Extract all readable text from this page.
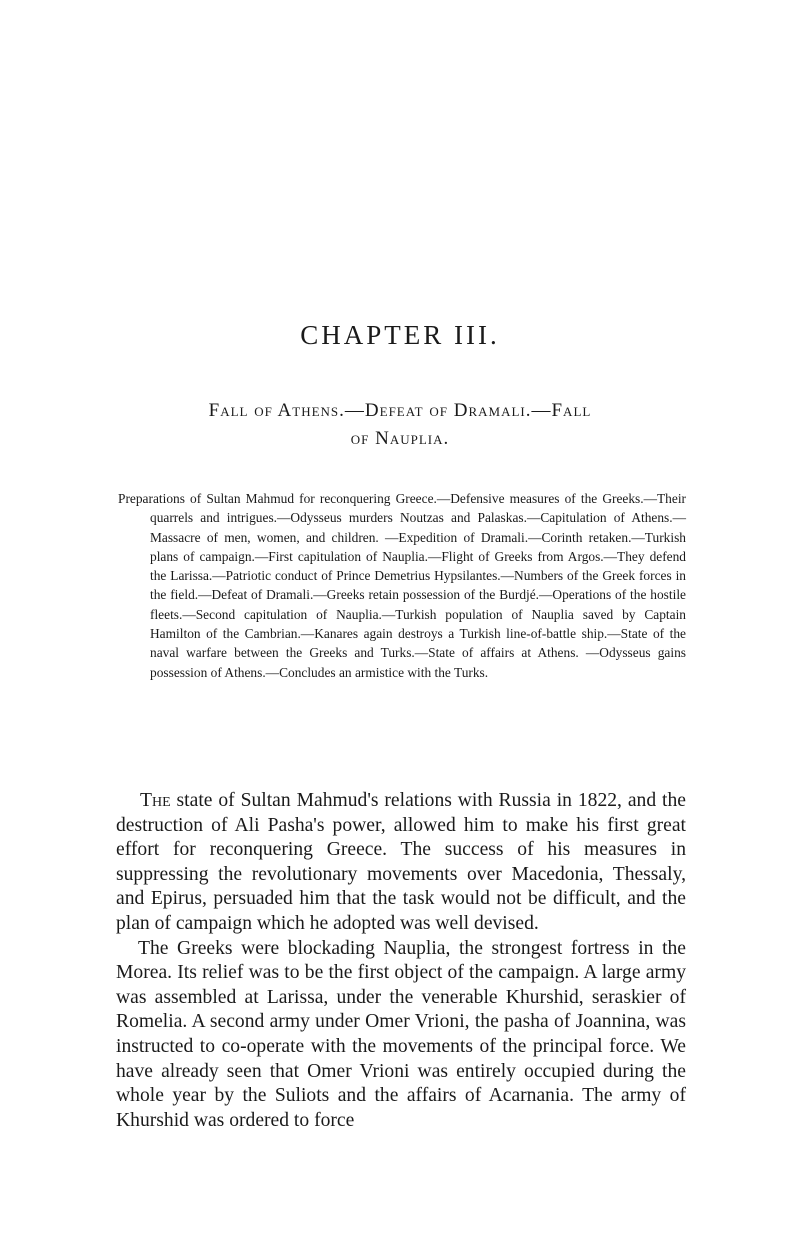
CHAPTER III.
Fall of Athens.—Defeat of Dramali.—Fall
of Nauplia.
Preparations of Sultan Mahmud for reconquering Greece.—Defensive measures of the Greeks.—Their quarrels and intrigues.—Odysseus murders Noutzas and Palaskas.—Capitulation of Athens.—Massacre of men, women, and children. —Expedition of Dramali.—Corinth retaken.—Turkish plans of campaign.—First capitulation of Nauplia.—Flight of Greeks from Argos.—They defend the Larissa.—Patriotic conduct of Prince Demetrius Hypsilantes.—Numbers of the Greek forces in the field.—Defeat of Dramali.—Greeks retain possession of the Burdjé.—Operations of the hostile fleets.—Second capitulation of Nauplia.—Turkish population of Nauplia saved by Captain Hamilton of the Cambrian.—Kanares again destroys a Turkish line-of-battle ship.—State of the naval warfare between the Greeks and Turks.—State of affairs at Athens. —Odysseus gains possession of Athens.—Concludes an armistice with the Turks.

The state of Sultan Mahmud's relations with Russia in 1822, and the destruction of Ali Pasha's power, allowed him to make his first great effort for reconquering Greece. The success of his measures in suppressing the revolutionary movements over Macedonia, Thessaly, and Epirus, persuaded him that the task would not be difficult, and the plan of campaign which he adopted was well devised.

The Greeks were blockading Nauplia, the strongest fortress in the Morea. Its relief was to be the first object of the campaign. A large army was assembled at Larissa, under the venerable Khurshid, seraskier of Romelia. A second army under Omer Vrioni, the pasha of Joannina, was instructed to co-operate with the movements of the principal force. We have already seen that Omer Vrioni was entirely occupied during the whole year by the Suliots and the affairs of Acarnania. The army of Khurshid was ordered to force
